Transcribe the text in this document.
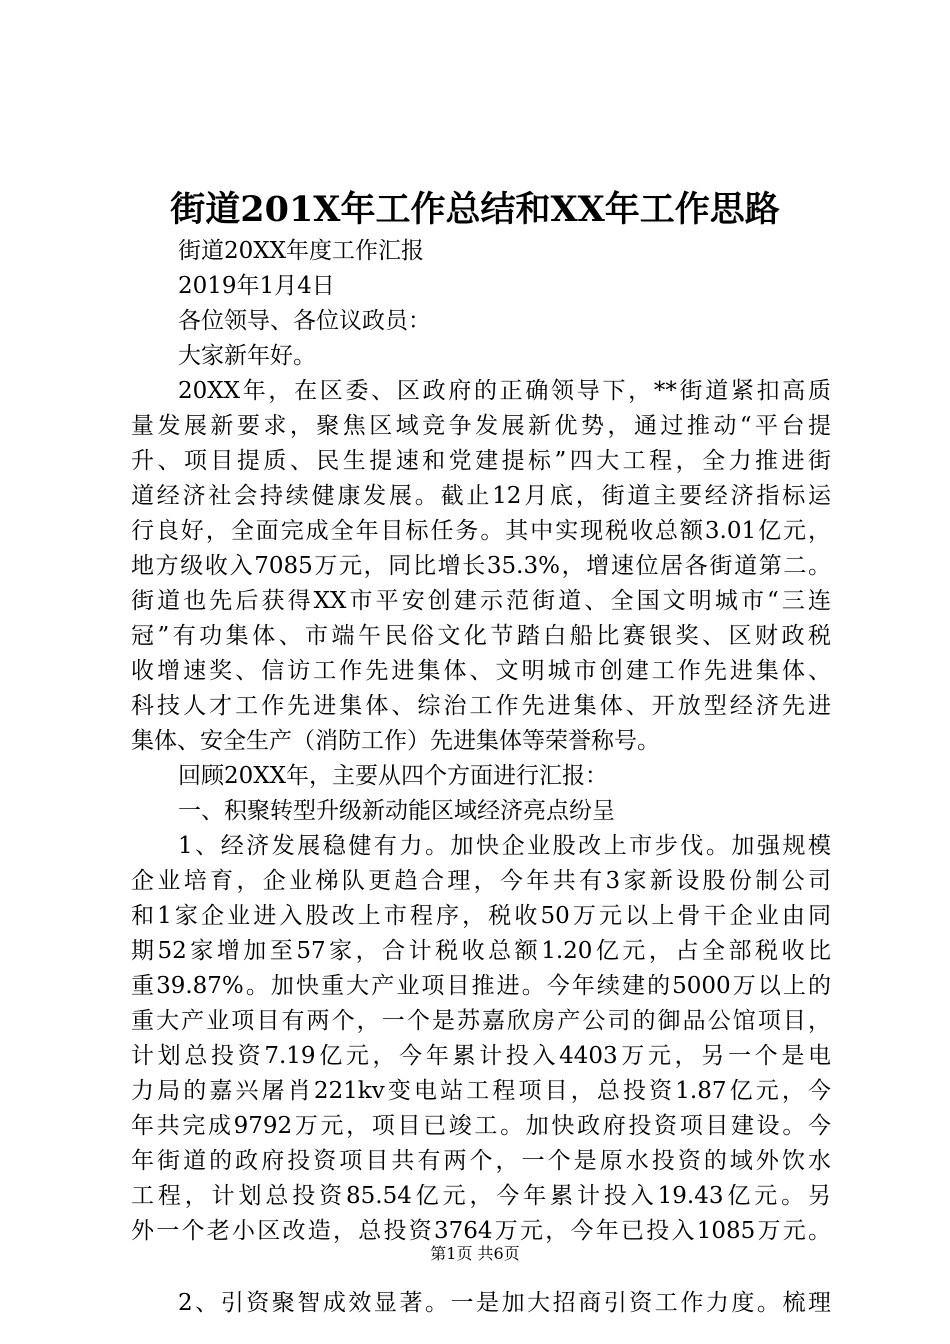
街道201X年工作总结和XX年工作思路
街道20XX年度工作汇报
2019年1月4日
各位领导、各位议政员：
大家新年好。
20XX年，在区委、区政府的正确领导下，**街道紧扣高质
量发展新要求，聚焦区域竞争发展新优势，通过推动“平台提
升、项目提质、民生提速和党建提标”四大工程，全力推进街
道经济社会持续健康发展。截止12月底，街道主要经济指标运
行良好，全面完成全年目标任务。其中实现税收总额3.01亿元，
地方级收入7085万元，同比增长35.3%，增速位居各街道第二。
街道也先后获得XX市平安创建示范街道、全国文明城市“三连
冠”有功集体、市端午民俗文化节踏白船比赛银奖、区财政税
收增速奖、信访工作先进集体、文明城市创建工作先进集体、
科技人才工作先进集体、综治工作先进集体、开放型经济先进
集体、安全生产（消防工作）先进集体等荣誉称号。
回顾20XX年，主要从四个方面进行汇报：
一、积聚转型升级新动能区域经济亮点纷呈
1、经济发展稳健有力。加快企业股改上市步伐。加强规模
企业培育，企业梯队更趋合理，今年共有3家新设股份制公司
和1家企业进入股改上市程序，税收50万元以上骨干企业由同
期52家增加至57家，合计税收总额1.20亿元，占全部税收比
重39.87%。加快重大产业项目推进。今年续建的5000万以上的
重大产业项目有两个，一个是苏嘉欣房产公司的御品公馆项目，
计划总投资7.19亿元，今年累计投入4403万元，另一个是电
力局的嘉兴屠肖221kv变电站工程项目，总投资1.87亿元，今
年共完成9792万元，项目已竣工。加快政府投资项目建设。今
年街道的政府投资项目共有两个，一个是原水投资的域外饮水
工程，计划总投资85.54亿元，今年累计投入19.43亿元。另
外一个老小区改造，总投资3764万元，今年已投入1085万元。
2、引资聚智成效显著。一是加大招商引资工作力度。梳理
第1页 共6页
